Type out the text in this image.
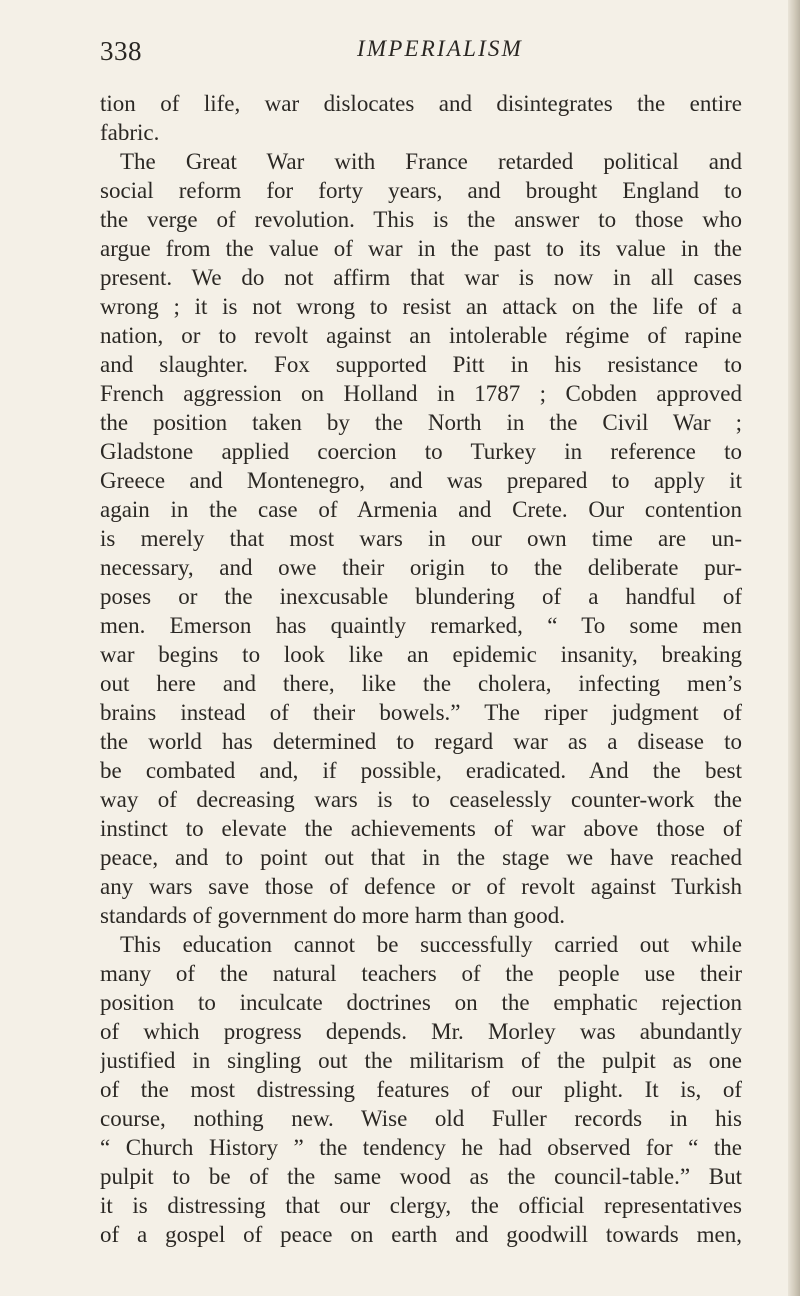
338	IMPERIALISM
tion of life, war dislocates and disintegrates the entire
fabric.
The Great War with France retarded political and
social reform for forty years, and brought England to
the verge of revolution. This is the answer to those who
argue from the value of war in the past to its value in the
present. We do not affirm that war is now in all cases
wrong ; it is not wrong to resist an attack on the life of a
nation, or to revolt against an intolerable régime of rapine
and slaughter. Fox supported Pitt in his resistance to
French aggression on Holland in 1787 ; Cobden approved
the position taken by the North in the Civil War ;
Gladstone applied coercion to Turkey in reference to
Greece and Montenegro, and was prepared to apply it
again in the case of Armenia and Crete. Our contention
is merely that most wars in our own time are un-
necessary, and owe their origin to the deliberate pur-
poses or the inexcusable blundering of a handful of
men. Emerson has quaintly remarked, “ To some men
war begins to look like an epidemic insanity, breaking
out here and there, like the cholera, infecting men’s
brains instead of their bowels.” The riper judgment of
the world has determined to regard war as a disease to
be combated and, if possible, eradicated. And the best
way of decreasing wars is to ceaselessly counter-work the
instinct to elevate the achievements of war above those of
peace, and to point out that in the stage we have reached
any wars save those of defence or of revolt against Turkish
standards of government do more harm than good.
This education cannot be successfully carried out while
many of the natural teachers of the people use their
position to inculcate doctrines on the emphatic rejection
of which progress depends. Mr. Morley was abundantly
justified in singling out the militarism of the pulpit as one
of the most distressing features of our plight. It is, of
course, nothing new. Wise old Fuller records in his
“ Church History ” the tendency he had observed for “ the
pulpit to be of the same wood as the council-table.” But
it is distressing that our clergy, the official representatives
of a gospel of peace on earth and goodwill towards men,
